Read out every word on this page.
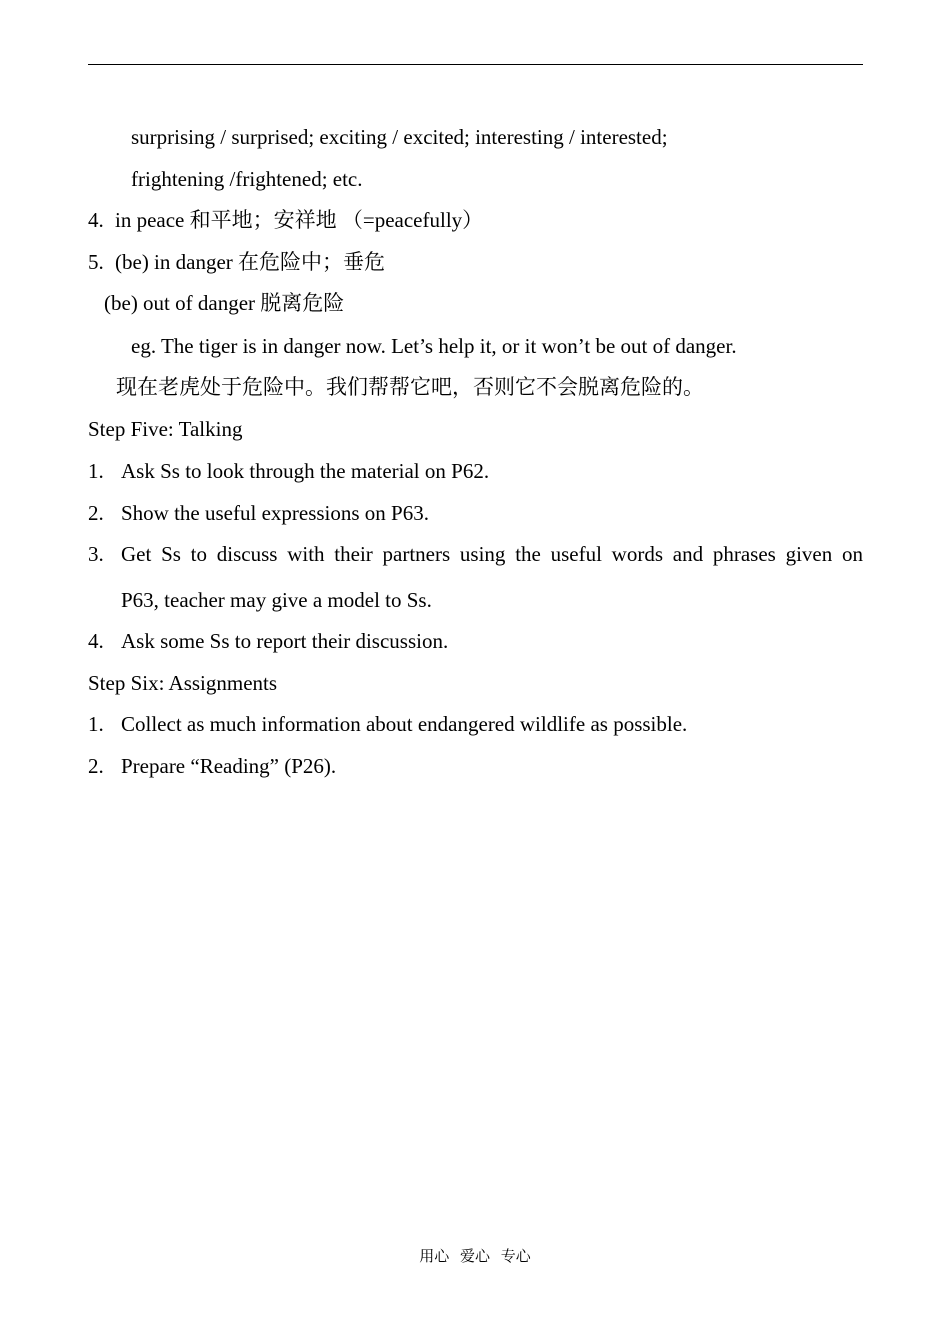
surprising / surprised; exciting / excited; interesting / interested;
frightening /frightened; etc.
4. in peace 和平地；安祥地 （=peacefully）
5. (be) in danger 在危险中；垂危
(be) out of danger 脱离危险
eg. The tiger is in danger now. Let’s help it, or it won’t be out of danger.
现在老虎处于危险中。我们帮帮它吧，否则它不会脱离危险的。
Step Five: Talking
1. Ask Ss to look through the material on P62.
2. Show the useful expressions on P63.
3. Get Ss to discuss with their partners using the useful words and phrases given on
P63, teacher may give a model to Ss.
4. Ask some Ss to report their discussion.
Step Six: Assignments
1. Collect as much information about endangered wildlife as possible.
2. Prepare “Reading” (P26).
用心 爱心 专心
